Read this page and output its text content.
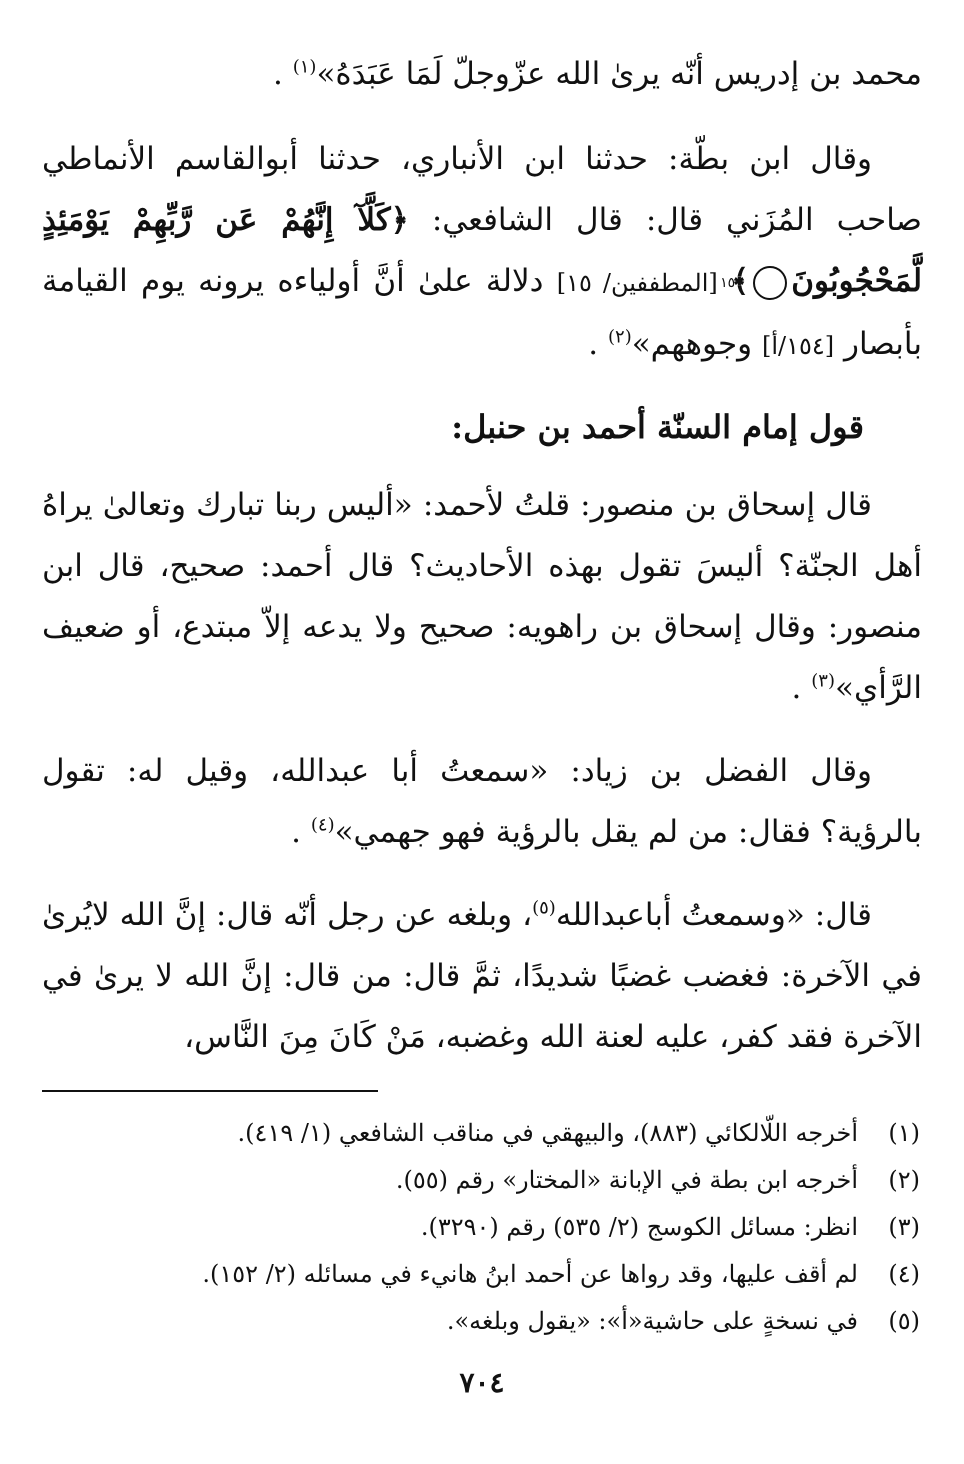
محمد بن إدريس أنّه يرىٰ الله عزّوجلّ لَمَا عَبَدَهُ»$^{(١)}$ .

وقال ابن بطّة: حدثنا ابن الأنباري، حدثنا أبوالقاسم الأنماطي صاحب المُزَني قال: قال الشافعي: ﴿كَلَّآ إِنَّهُمْ عَن رَّبِّهِمْ يَوْمَئِذٍ لَّمَحْجُوبُونَ١٥﴾ [المطففين/ ١٥] دلالة علىٰ أنَّ أولياءه يرونه يوم القيامة بأبصار [١٥٤/أ] وجوههم»$^{(٢)}$ .

قول إمام السنّة أحمد بن حنبل:

قال إسحاق بن منصور: قلتُ لأحمد: «أليس ربنا تبارك وتعالىٰ يراهُ أهل الجنّة؟ أليسَ تقول بهذه الأحاديث؟ قال أحمد: صحيح، قال ابن منصور: وقال إسحاق بن راهويه: صحيح ولا يدعه إلاّ مبتدع، أو ضعيف الرَّأي»$^{(٣)}$ .

وقال الفضل بن زياد: «سمعتُ أبا عبدالله، وقيل له: تقول بالرؤية؟ فقال: من لم يقل بالرؤية فهو جهمي»$^{(٤)}$ .

قال: «وسمعتُ أباعبدالله$^{(٥)}$، وبلغه عن رجل أنّه قال: إنَّ الله لايُرىٰ في الآخرة: فغضب غضبًا شديدًا، ثمَّ قال: من قال: إنَّ الله لا يرىٰ في الآخرة فقد كفر، عليه لعنة الله وغضبه، مَنْ كَانَ مِنَ النَّاس،

(١)
أخرجه اللّالكائي (٨٨٣)، والبيهقي في مناقب الشافعي (١/ ٤١٩).
(٢)
أخرجه ابن بطة في الإبانة «المختار» رقم (٥٥).
(٣)
انظر: مسائل الكوسج (٢/ ٥٣٥) رقم (٣٢٩٠).
(٤)
لم أقف عليها، وقد رواها عن أحمد ابنُ هانيء في مسائله (٢/ ١٥٢).
(٥)
في نسخةٍ على حاشية«أ»: «يقول وبلغه».
٧٠٤
